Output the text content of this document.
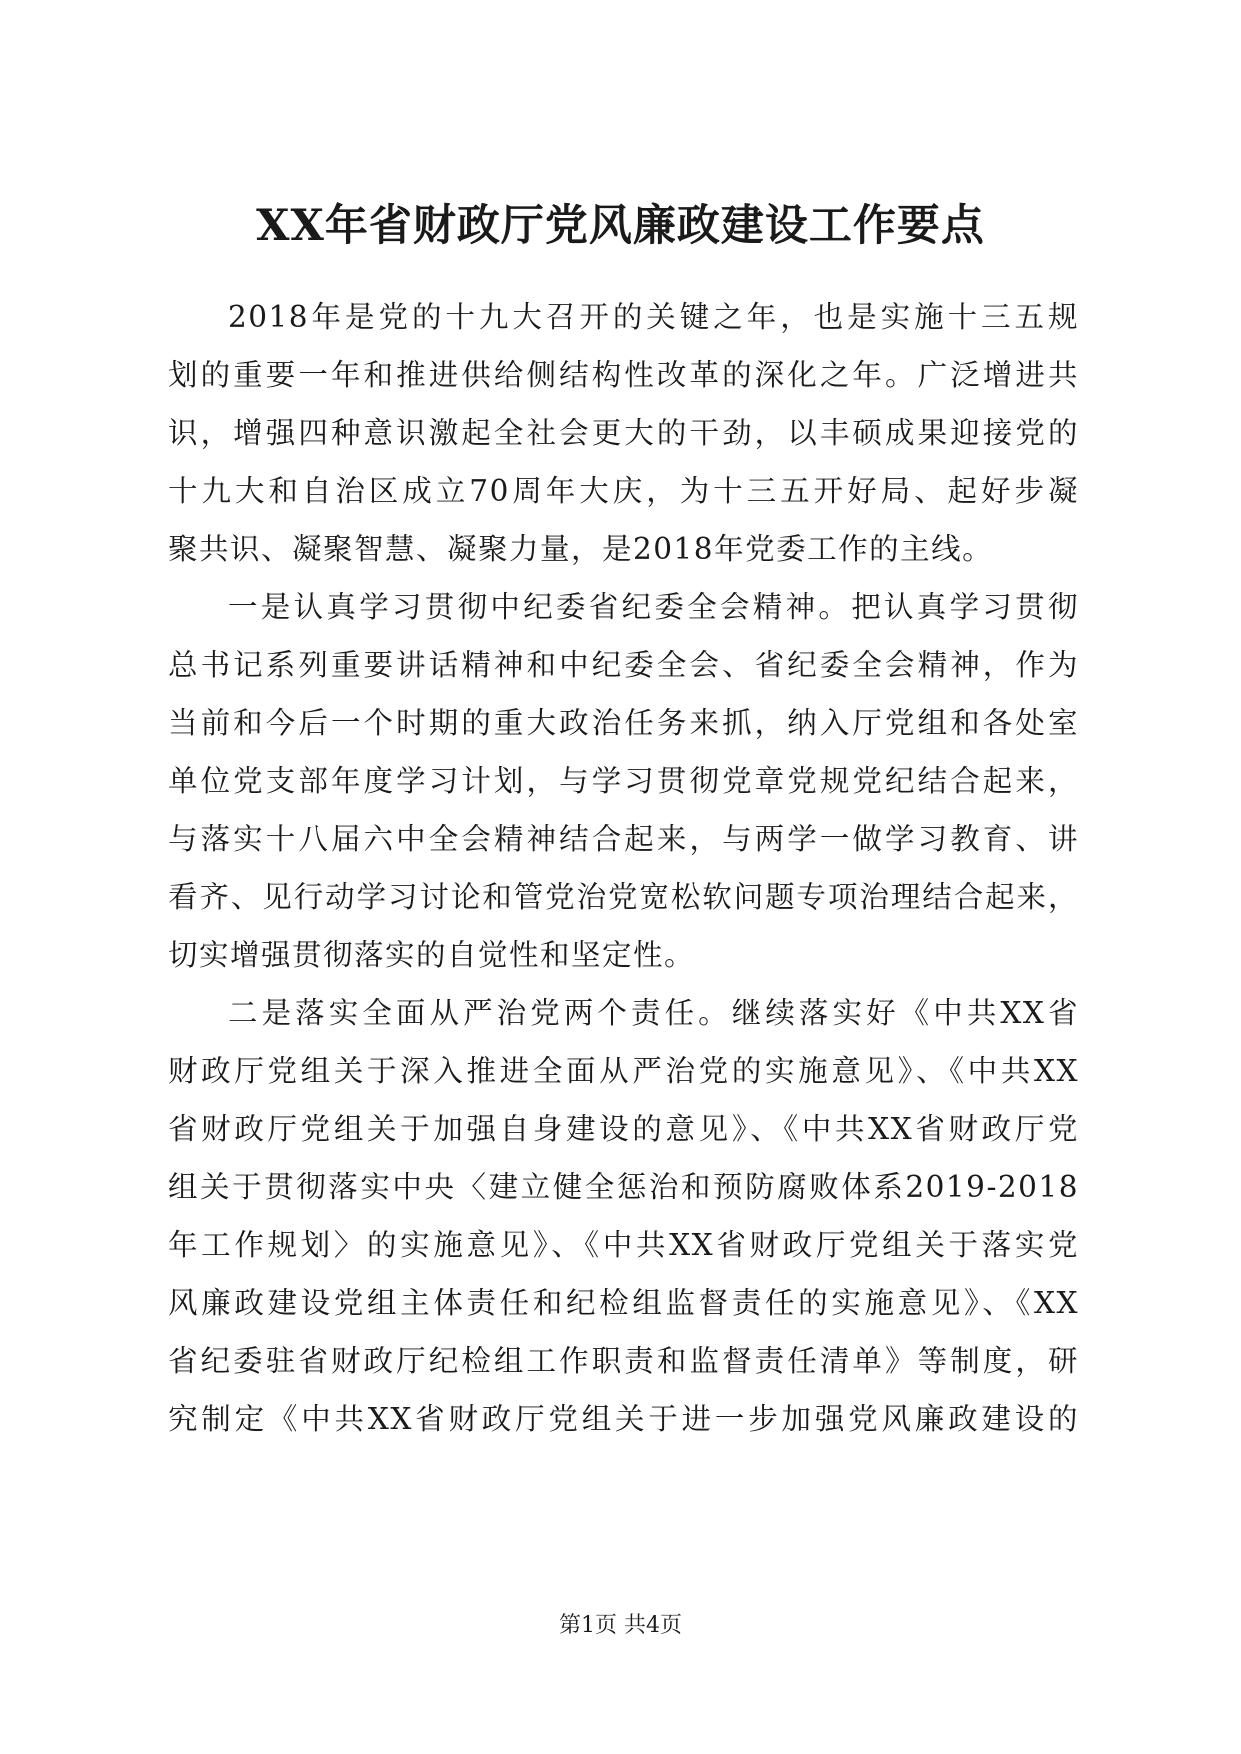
XX年省财政厅党风廉政建设工作要点
2018年是党的十九大召开的关键之年，也是实施十三五规
划的重要一年和推进供给侧结构性改革的深化之年。广泛增进共
识，增强四种意识激起全社会更大的干劲，以丰硕成果迎接党的
十九大和自治区成立70周年大庆，为十三五开好局、起好步凝
聚共识、凝聚智慧、凝聚力量，是2018年党委工作的主线。
一是认真学习贯彻中纪委省纪委全会精神。把认真学习贯彻
总书记系列重要讲话精神和中纪委全会、省纪委全会精神，作为
当前和今后一个时期的重大政治任务来抓，纳入厅党组和各处室
单位党支部年度学习计划，与学习贯彻党章党规党纪结合起来，
与落实十八届六中全会精神结合起来，与两学一做学习教育、讲
看齐、见行动学习讨论和管党治党宽松软问题专项治理结合起来，
切实增强贯彻落实的自觉性和坚定性。
二是落实全面从严治党两个责任。继续落实好《中共XX省
财政厅党组关于深入推进全面从严治党的实施意见》、《中共XX
省财政厅党组关于加强自身建设的意见》、《中共XX省财政厅党
组关于贯彻落实中央〈建立健全惩治和预防腐败体系2019-2018
年工作规划〉的实施意见》、《中共XX省财政厅党组关于落实党
风廉政建设党组主体责任和纪检组监督责任的实施意见》、《XX
省纪委驻省财政厅纪检组工作职责和监督责任清单》等制度，研
究制定《中共XX省财政厅党组关于进一步加强党风廉政建设的
第1页 共4页
